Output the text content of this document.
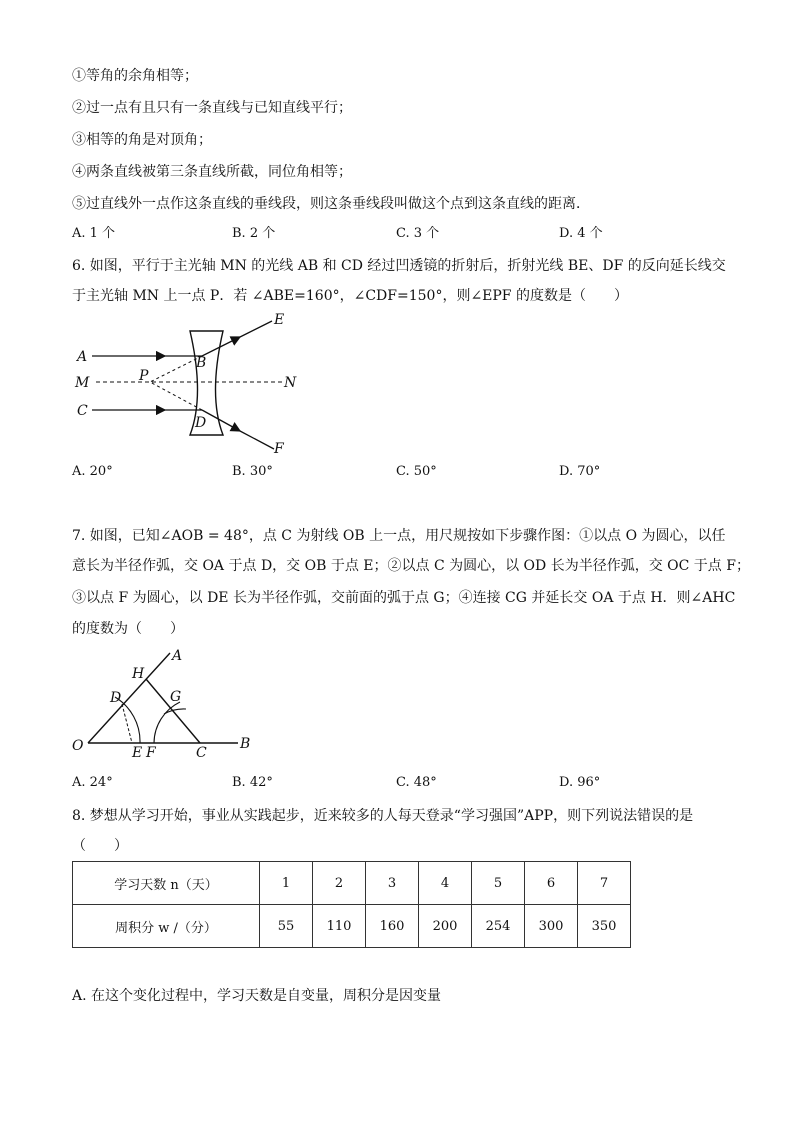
①等角的余角相等；
②过一点有且只有一条直线与已知直线平行；
③相等的角是对顶角；
④两条直线被第三条直线所截，同位角相等；
⑤过直线外一点作这条直线的垂线段，则这条垂线段叫做这个点到这条直线的距离．
A. 1 个	B. 2 个	C. 3 个	D. 4 个
6. 如图，平行于主光轴 MN 的光线 AB 和 CD 经过凹透镜的折射后，折射光线 BE、DF 的反向延长线交
于主光轴 MN 上一点 P．若 ∠ABE=160°，∠CDF=150°，则∠EPF 的度数是（　　）
A
M
C
P
B
D
N
E
F
A. 20°	B. 30°	C. 50°	D. 70°
7. 如图，已知∠AOB = 48°，点 C 为射线 OB 上一点，用尺规按如下步骤作图：①以点 O 为圆心，以任
意长为半径作弧，交 OA 于点 D，交 OB 于点 E；②以点 C 为圆心，以 OD 长为半径作弧，交 OC 于点 F；
③以点 F 为圆心，以 DE 长为半径作弧，交前面的弧于点 G；④连接 CG 并延长交 OA 于点 H．则∠AHC
的度数为（　　）
H
A
D	G
O	E F	C
B
A. 24°	B. 42°	C. 48°	D. 96°
8. 梦想从学习开始，事业从实践起步，近来较多的人每天登录“学习强国”APP，则下列说法错误的是
（　　）
学习天数 n（天）	1	2	3	4	5	6	7
周积分 w /（分）	55	110	160	200	254	300	350
A. 在这个变化过程中，学习天数是自变量，周积分是因变量
